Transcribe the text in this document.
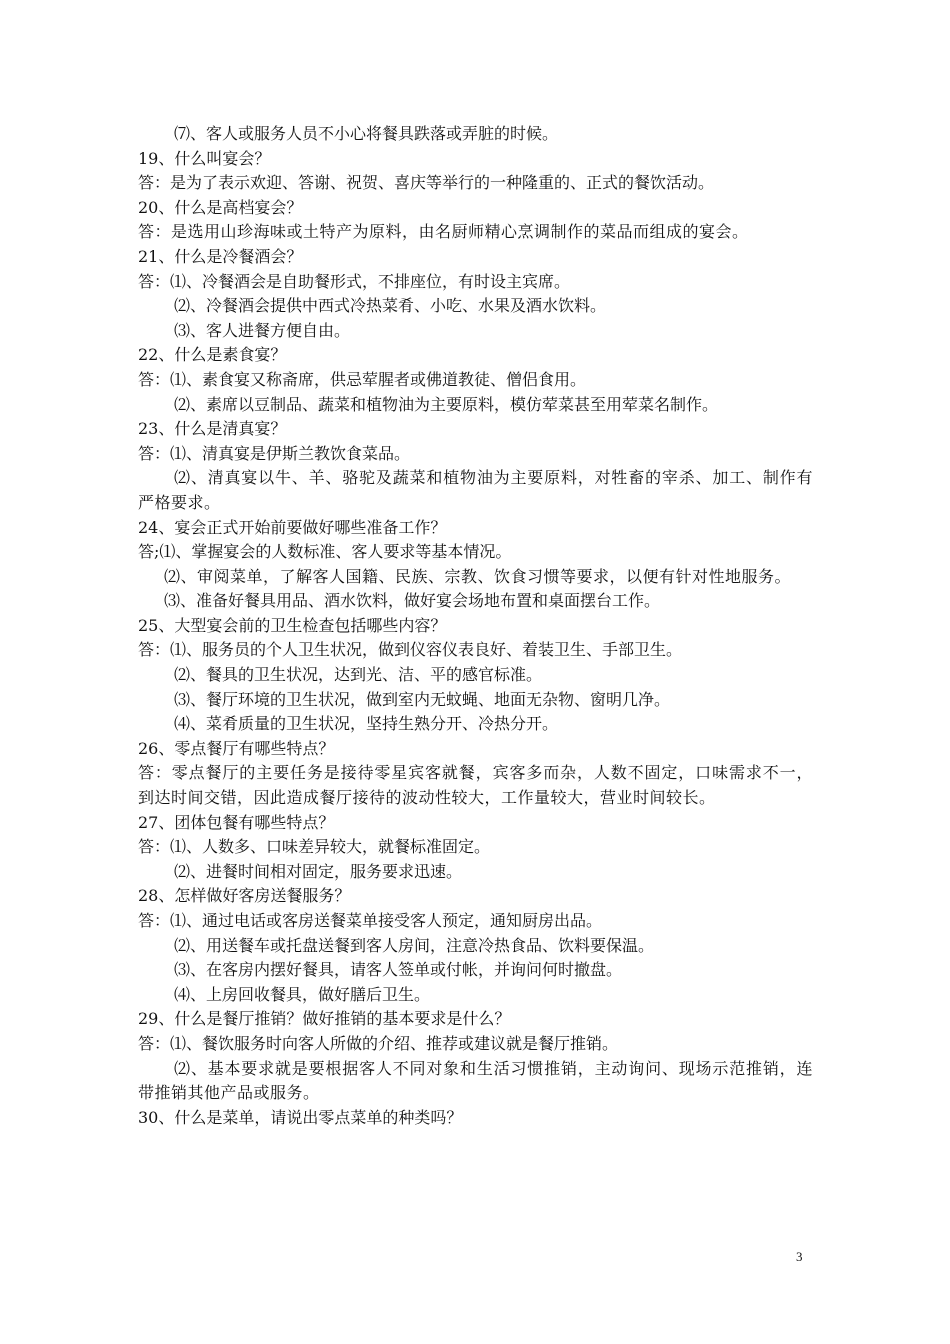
⑺、客人或服务人员不小心将餐具跌落或弄脏的时候。
19、什么叫宴会？
答：是为了表示欢迎、答谢、祝贺、喜庆等举行的一种隆重的、正式的餐饮活动。
20、什么是高档宴会？
答：是选用山珍海味或土特产为原料，由名厨师精心烹调制作的菜品而组成的宴会。
21、什么是冷餐酒会？
答：⑴、冷餐酒会是自助餐形式，不排座位，有时设主宾席。
⑵、冷餐酒会提供中西式冷热菜肴、小吃、水果及酒水饮料。
⑶、客人进餐方便自由。
22、什么是素食宴？
答：⑴、素食宴又称斋席，供忌荤腥者或佛道教徒、僧侣食用。
⑵、素席以豆制品、蔬菜和植物油为主要原料，模仿荤菜甚至用荤菜名制作。
23、什么是清真宴？
答：⑴、清真宴是伊斯兰教饮食菜品。
⑵、清真宴以牛、羊、骆驼及蔬菜和植物油为主要原料，对牲畜的宰杀、加工、制作有严格要求。
24、宴会正式开始前要做好哪些准备工作？
答;⑴、掌握宴会的人数标准、客人要求等基本情况。
⑵、审阅菜单，了解客人国籍、民族、宗教、饮食习惯等要求，以便有针对性地服务。
⑶、准备好餐具用品、酒水饮料，做好宴会场地布置和桌面摆台工作。
25、大型宴会前的卫生检查包括哪些内容？
答：⑴、服务员的个人卫生状况，做到仪容仪表良好、着装卫生、手部卫生。
⑵、餐具的卫生状况，达到光、洁、平的感官标准。
⑶、餐厅环境的卫生状况，做到室内无蚊蝇、地面无杂物、窗明几净。
⑷、菜肴质量的卫生状况，坚持生熟分开、冷热分开。
26、零点餐厅有哪些特点？
答：零点餐厅的主要任务是接待零星宾客就餐，宾客多而杂，人数不固定，口味需求不一，到达时间交错，因此造成餐厅接待的波动性较大，工作量较大，营业时间较长。
27、团体包餐有哪些特点？
答：⑴、人数多、口味差异较大，就餐标准固定。
⑵、进餐时间相对固定，服务要求迅速。
28、怎样做好客房送餐服务？
答：⑴、通过电话或客房送餐菜单接受客人预定，通知厨房出品。
⑵、用送餐车或托盘送餐到客人房间，注意冷热食品、饮料要保温。
⑶、在客房内摆好餐具，请客人签单或付帐，并询问何时撤盘。
⑷、上房回收餐具，做好膳后卫生。
29、什么是餐厅推销？做好推销的基本要求是什么？
答：⑴、餐饮服务时向客人所做的介绍、推荐或建议就是餐厅推销。
⑵、基本要求就是要根据客人不同对象和生活习惯推销，主动询问、现场示范推销，连带推销其他产品或服务。
30、什么是菜单，请说出零点菜单的种类吗？
3
